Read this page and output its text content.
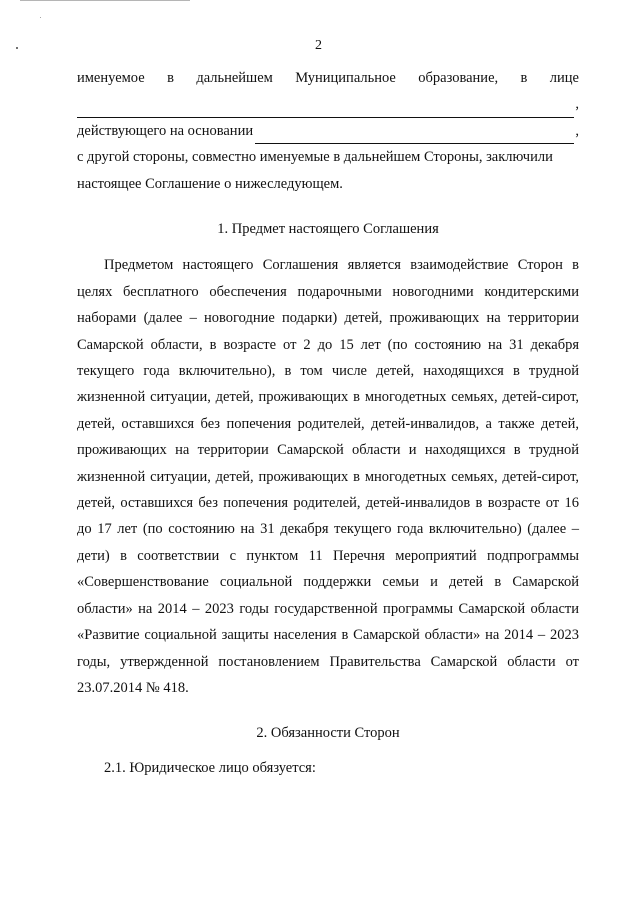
2
именуемое в дальнейшем Муниципальное образование, в лице
,
действующего на основании	,

с другой стороны, совместно именуемые в дальнейшем Стороны, заключили настоящее Соглашение о нижеследующем.

1. Предмет настоящего Соглашения

Предметом настоящего Соглашения является взаимодействие Сторон в целях бесплатного обеспечения подарочными новогодними кондитерскими наборами (далее – новогодние подарки) детей, проживающих на территории Самарской области, в возрасте от 2 до 15 лет (по состоянию на 31 декабря текущего года включительно), в том числе детей, находящихся в трудной жизненной ситуации, детей, проживающих в многодетных семьях, детей-сирот, детей, оставшихся без попечения родителей, детей-инвалидов, а также детей, проживающих на территории Самарской области и находящихся в трудной жизненной ситуации, детей, проживающих в многодетных семьях, детей-сирот, детей, оставшихся без попечения родителей, детей-инвалидов в возрасте от 16 до 17 лет (по состоянию на 31 декабря текущего года включительно) (далее – дети) в соответствии с пунктом 11 Перечня мероприятий подпрограммы «Совершенствование социальной поддержки семьи и детей в Самарской области» на 2014 – 2023 годы государственной программы Самарской области «Развитие социальной защиты населения в Самарской области» на 2014 – 2023 годы, утвержденной постановлением Правительства Самарской области от 23.07.2014 № 418.

2. Обязанности Сторон

2.1. Юридическое лицо обязуется:
